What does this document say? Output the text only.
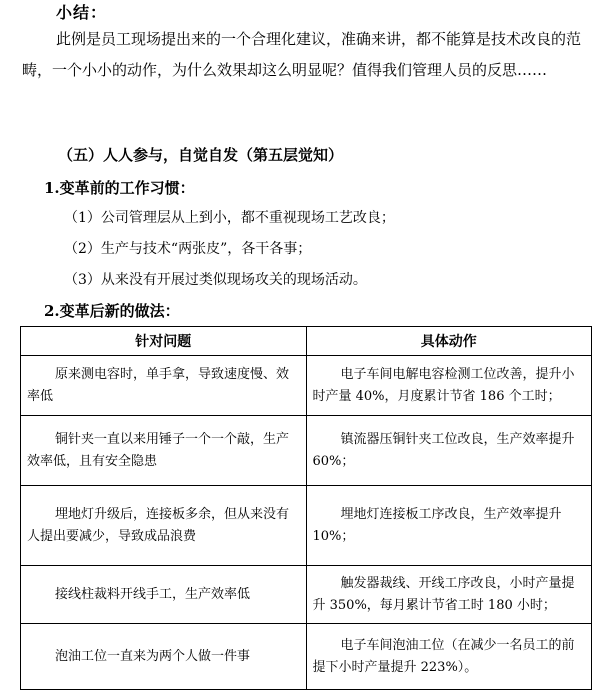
小结：
此例是员工现场提出来的一个合理化建议，准确来讲，都不能算是技术改良的范畴，一个小小的动作，为什么效果却这么明显呢？值得我们管理人员的反思……
（五）人人参与，自觉自发（第五层觉知）
1.变革前的工作习惯：
（1）公司管理层从上到小，都不重视现场工艺改良；
（2）生产与技术“两张皮”，各干各事；
（3）从来没有开展过类似现场攻关的现场活动。
2.变革后新的做法：
针对问题	具体动作
原来测电容时，单手拿，导致速度慢、效率低	电子车间电解电容检测工位改善，提升小时产量 40%，月度累计节省 186 个工时；
铜针夹一直以来用锤子一个一个敲，生产效率低，且有安全隐患	镇流器压铜针夹工位改良，生产效率提升 60%；
埋地灯升级后，连接板多余，但从来没有人提出要减少，导致成品浪费	埋地灯连接板工序改良，生产效率提升 10%；
接线柱裁料开线手工，生产效率低	触发器裁线、开线工序改良，小时产量提升 350%，每月累计节省工时 180 小时；
泡油工位一直来为两个人做一件事	电子车间泡油工位（在减少一名员工的前提下小时产量提升 223%）。
